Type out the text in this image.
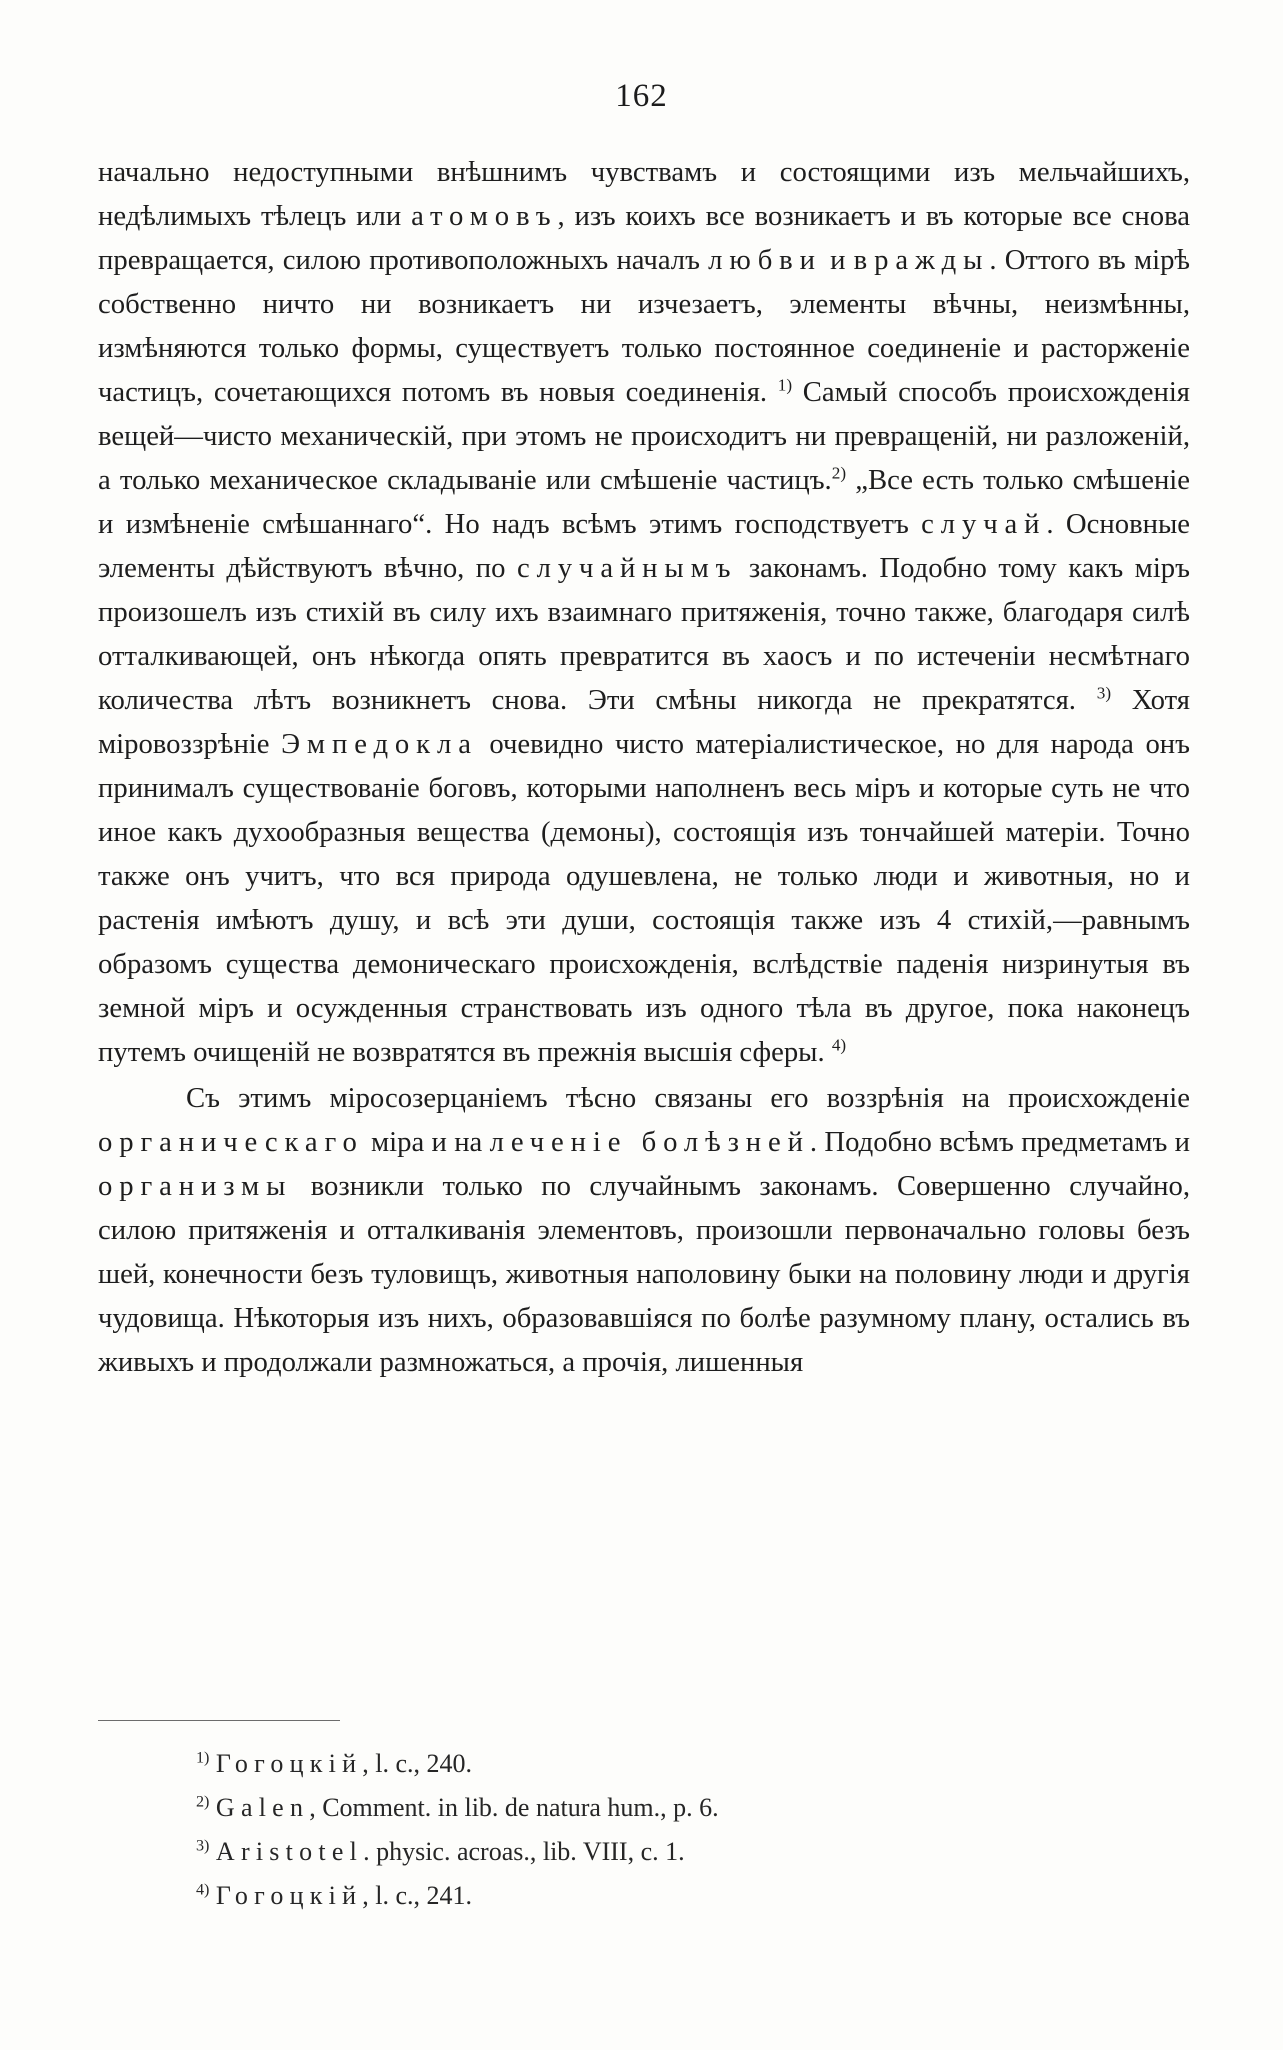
162

начально недоступными внѣшнимъ чувствамъ и состоящими изъ мельчайшихъ, недѣлимыхъ тѣлецъ или атомовъ, изъ коихъ все возникаетъ и въ которые все снова превращается, силою противоположныхъ началъ любви и вражды. Оттого въ мірѣ собственно ничто ни возникаетъ ни изчезаетъ, элементы вѣчны, неизмѣнны, измѣняются только формы, существуетъ только постоянное соединеніе и расторженіе частицъ, сочетающихся потомъ въ новыя соединенія. $^{1)}$ Самый способъ происхожденія вещей—чисто механическій, при этомъ не происходитъ ни превращеній, ни разложеній, а только механическое складываніе или смѣшеніе частицъ.$^{2)}$ „Все есть только смѣшеніе и измѣненіе смѣшаннаго“. Но надъ всѣмъ этимъ господствуетъ случай. Основные элементы дѣйствуютъ вѣчно, по случайнымъ законамъ. Подобно тому какъ міръ произошелъ изъ стихій въ силу ихъ взаимнаго притяженія, точно также, благодаря силѣ отталкивающей, онъ нѣкогда опять превратится въ хаосъ и по истеченіи несмѣтнаго количества лѣтъ возникнетъ снова. Эти смѣны никогда не прекратятся. $^{3)}$ Хотя міровоззрѣніе Эмпедокла очевидно чисто матеріалистическое, но для народа онъ принималъ существованіе боговъ, которыми наполненъ весь міръ и которые суть не что иное какъ духообразныя вещества (демоны), состоящія изъ тончайшей матеріи. Точно также онъ учитъ, что вся природа одушевлена, не только люди и животныя, но и растенія имѣютъ душу, и всѣ эти души, состоящія также изъ 4 стихій,—равнымъ образомъ существа демоническаго происхожденія, вслѣдствіе паденія низринутыя въ земной міръ и осужденныя странствовать изъ одного тѣла въ другое, пока наконецъ путемъ очищеній не возвратятся въ прежнія высшія сферы. $^{4)}$

Съ этимъ міросозерцаніемъ тѣсно связаны его воззрѣнія на происхожденіе органическаго міра и на леченіе болѣзней. Подобно всѣмъ предметамъ и организмы возникли только по случайнымъ законамъ. Совершенно случайно, силою притяженія и отталкиванія элементовъ, произошли первоначально головы безъ шей, конечности безъ туловищъ, животныя наполовину быки на половину люди и другія чудовища. Нѣкоторыя изъ нихъ, образовавшіяся по болѣе разумному плану, остались въ живыхъ и продолжали размножаться, а прочія, лишенныя

$^{1)}$ Гогоцкій, l. c., 240.
$^{2)}$ Galen, Comment. in lib. de natura hum., p. 6.
$^{3)}$ Aristotel. physic. acroas., lib. VIII, c. 1.
$^{4)}$ Гогоцкій, l. c., 241.
